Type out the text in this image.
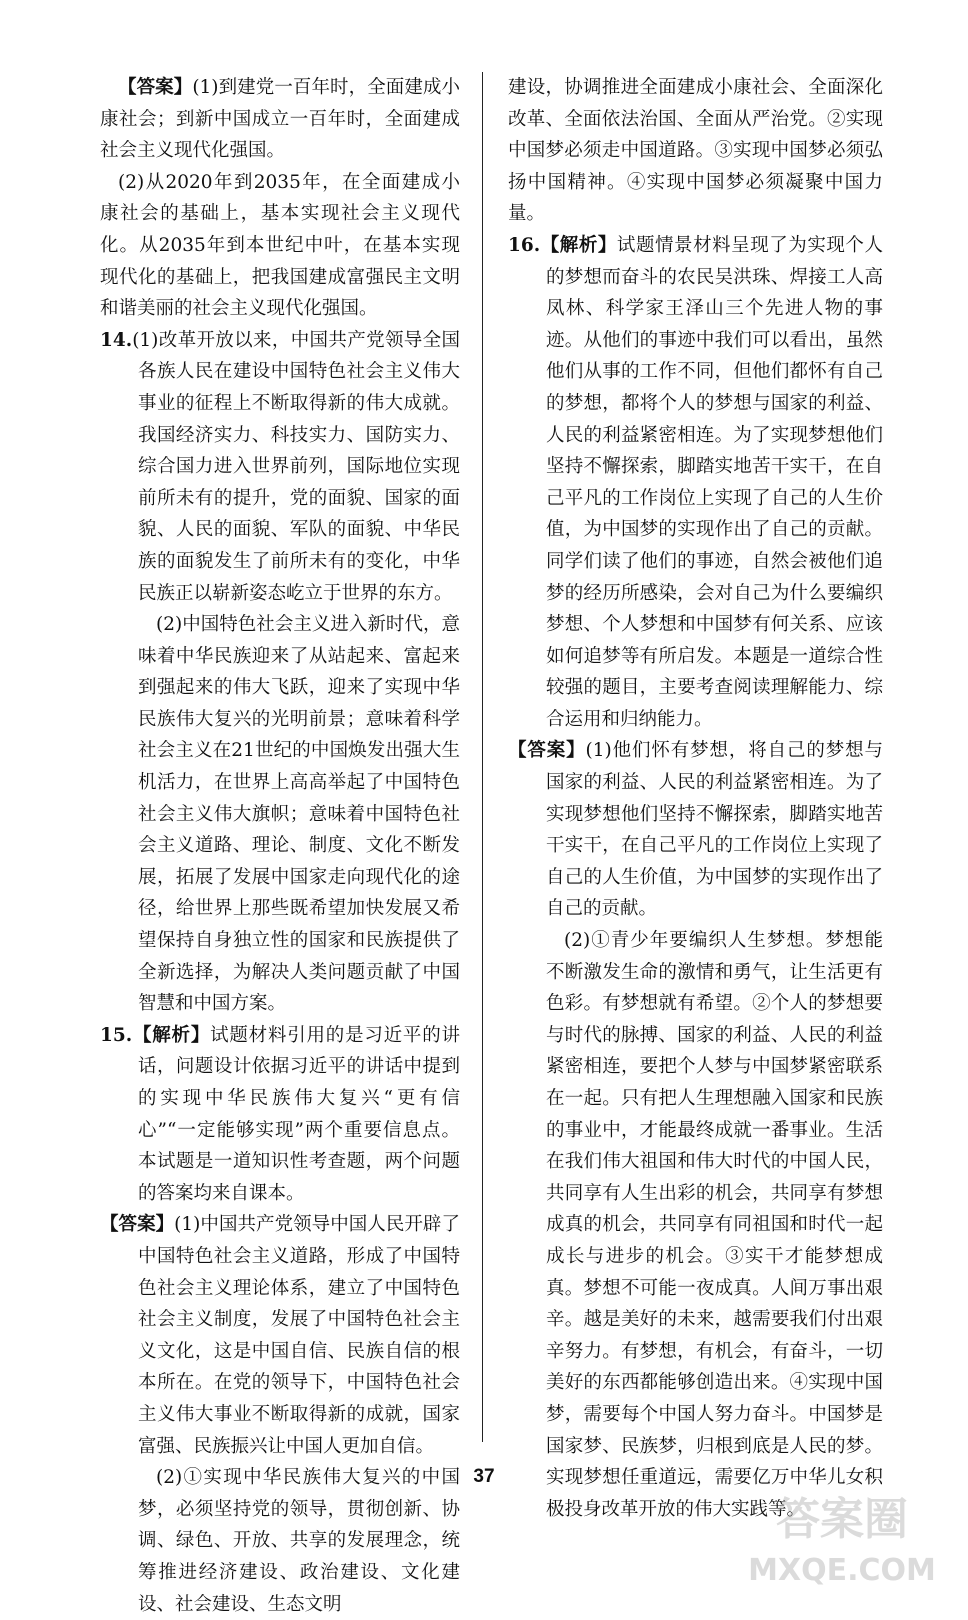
【答案】(1)到建党一百年时，全面建成小康社会；到新中国成立一百年时，全面建成社会主义现代化强国。

(2)从2020年到2035年，在全面建成小康社会的基础上，基本实现社会主义现代化。从2035年到本世纪中叶，在基本实现现代化的基础上，把我国建成富强民主文明和谐美丽的社会主义现代化强国。

14.(1)改革开放以来，中国共产党领导全国各族人民在建设中国特色社会主义伟大事业的征程上不断取得新的伟大成就。我国经济实力、科技实力、国防实力、综合国力进入世界前列，国际地位实现前所未有的提升，党的面貌、国家的面貌、人民的面貌、军队的面貌、中华民族的面貌发生了前所未有的变化，中华民族正以崭新姿态屹立于世界的东方。

(2)中国特色社会主义进入新时代，意味着中华民族迎来了从站起来、富起来到强起来的伟大飞跃，迎来了实现中华民族伟大复兴的光明前景；意味着科学社会主义在21世纪的中国焕发出强大生机活力，在世界上高高举起了中国特色社会主义伟大旗帜；意味着中国特色社会主义道路、理论、制度、文化不断发展，拓展了发展中国家走向现代化的途径，给世界上那些既希望加快发展又希望保持自身独立性的国家和民族提供了全新选择，为解决人类问题贡献了中国智慧和中国方案。

15.【解析】试题材料引用的是习近平的讲话，问题设计依据习近平的讲话中提到的实现中华民族伟大复兴“更有信心”“一定能够实现”两个重要信息点。本试题是一道知识性考查题，两个问题的答案均来自课本。

【答案】(1)中国共产党领导中国人民开辟了中国特色社会主义道路，形成了中国特色社会主义理论体系，建立了中国特色社会主义制度，发展了中国特色社会主义文化，这是中国自信、民族自信的根本所在。在党的领导下，中国特色社会主义伟大事业不断取得新的成就，国家富强、民族振兴让中国人更加自信。

(2)①实现中华民族伟大复兴的中国梦，必须坚持党的领导，贯彻创新、协调、绿色、开放、共享的发展理念，统筹推进经济建设、政治建设、文化建设、社会建设、生态文明

建设，协调推进全面建成小康社会、全面深化改革、全面依法治国、全面从严治党。②实现中国梦必须走中国道路。③实现中国梦必须弘扬中国精神。④实现中国梦必须凝聚中国力量。

16.【解析】试题情景材料呈现了为实现个人的梦想而奋斗的农民吴洪珠、焊接工人高凤林、科学家王泽山三个先进人物的事迹。从他们的事迹中我们可以看出，虽然他们从事的工作不同，但他们都怀有自己的梦想，都将个人的梦想与国家的利益、人民的利益紧密相连。为了实现梦想他们坚持不懈探索，脚踏实地苦干实干，在自己平凡的工作岗位上实现了自己的人生价值，为中国梦的实现作出了自己的贡献。同学们读了他们的事迹，自然会被他们追梦的经历所感染，会对自己为什么要编织梦想、个人梦想和中国梦有何关系、应该如何追梦等有所启发。本题是一道综合性较强的题目，主要考查阅读理解能力、综合运用和归纳能力。

【答案】(1)他们怀有梦想，将自己的梦想与国家的利益、人民的利益紧密相连。为了实现梦想他们坚持不懈探索，脚踏实地苦干实干，在自己平凡的工作岗位上实现了自己的人生价值，为中国梦的实现作出了自己的贡献。

(2)①青少年要编织人生梦想。梦想能不断激发生命的激情和勇气，让生活更有色彩。有梦想就有希望。②个人的梦想要与时代的脉搏、国家的利益、人民的利益紧密相连，要把个人梦与中国梦紧密联系在一起。只有把人生理想融入国家和民族的事业中，才能最终成就一番事业。生活在我们伟大祖国和伟大时代的中国人民，共同享有人生出彩的机会，共同享有梦想成真的机会，共同享有同祖国和时代一起成长与进步的机会。③实干才能梦想成真。梦想不可能一夜成真。人间万事出艰辛。越是美好的未来，越需要我们付出艰辛努力。有梦想，有机会，有奋斗，一切美好的东西都能够创造出来。④实现中国梦，需要每个中国人努力奋斗。中国梦是国家梦、民族梦，归根到底是人民的梦。实现梦想任重道远，需要亿万中华儿女积极投身改革开放的伟大实践等。

37
答案圈
MXQE.COM
